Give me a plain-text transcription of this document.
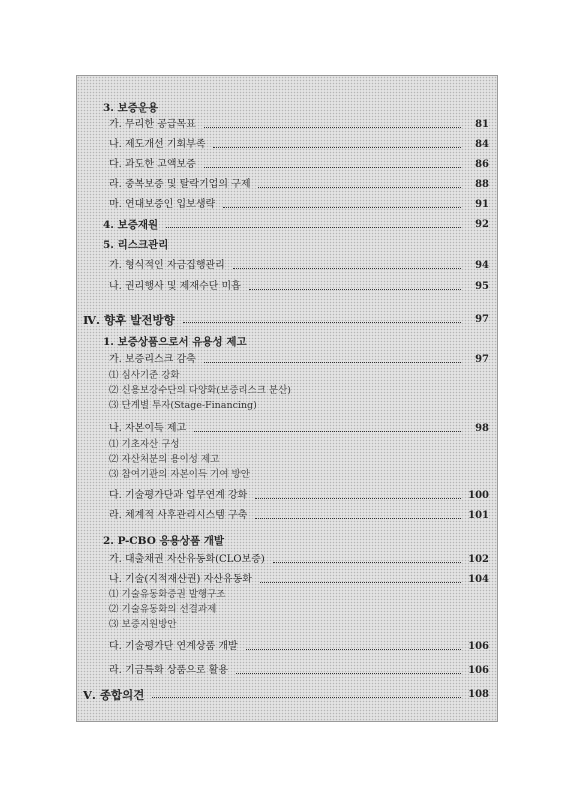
3. 보증운용
가. 무리한 공급목표	81
나. 제도개선 기회부족	84
다. 과도한 고액보증	86
라. 중복보증 및 탈락기업의 구제	88
마. 연대보증인 입보생략	91
4. 보증재원	92
5. 리스크관리
가. 형식적인 자금집행관리	94
나. 권리행사 및 제재수단 미흡	95
Ⅳ. 향후 발전방향	97
1. 보증상품으로서 유용성 제고
가. 보증리스크 감축	97
⑴ 심사기준 강화
⑵ 신용보강수단의 다양화(보증리스크 분산)
⑶ 단계별 투자(Stage-Financing)
나. 자본이득 제고	98
⑴ 기초자산 구성
⑵ 자산처분의 용이성 제고
⑶ 참여기관의 자본이득 기여 방안
다. 기술평가단과 업무연계 강화	100
라. 체계적 사후관리시스템 구축	101
2. P-CBO 응용상품 개발
가. 대출채권 자산유동화(CLO보증)	102
나. 기술(지적재산권) 자산유동화	104
⑴ 기술유동화증권 발행구조
⑵ 기술유동화의 선결과제
⑶ 보증지원방안
다. 기술평가단 연계상품 개발	106
라. 기금특화 상품으로 활용	106
Ⅴ. 종합의견	108
